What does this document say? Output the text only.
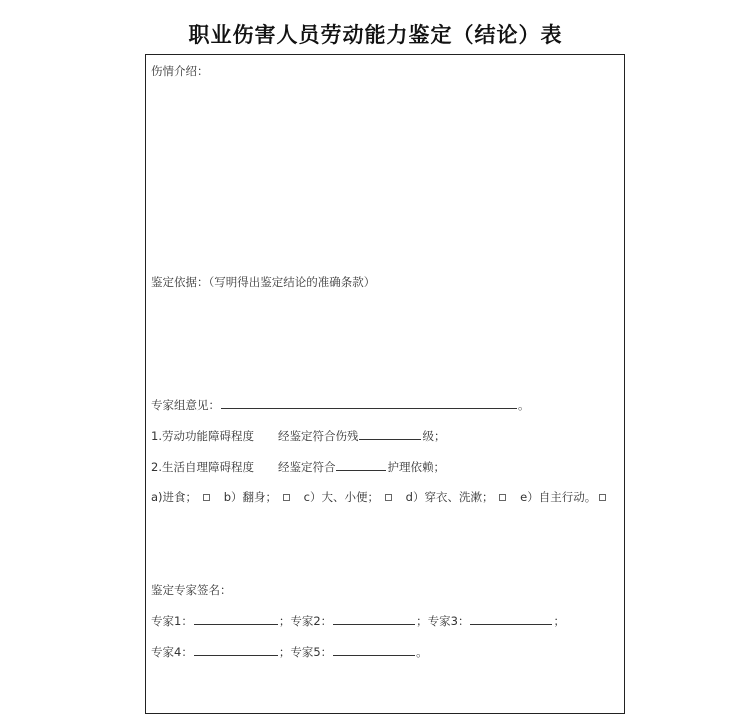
职业伤害人员劳动能力鉴定（结论）表
伤情介绍：
鉴定依据：（写明得出鉴定结论的准确条款）
专家组意见：	。
1.劳动功能障碍程度 经鉴定符合伤残	级；
2.生活自理障碍程度 经鉴定符合	护理依赖；
a)进食； b）翻身； c）大、小便； d）穿衣、洗漱； e）自主行动。
鉴定专家签名：
专家1：	；专家2：	；专家3：	；
专家4：	；专家5：	。
